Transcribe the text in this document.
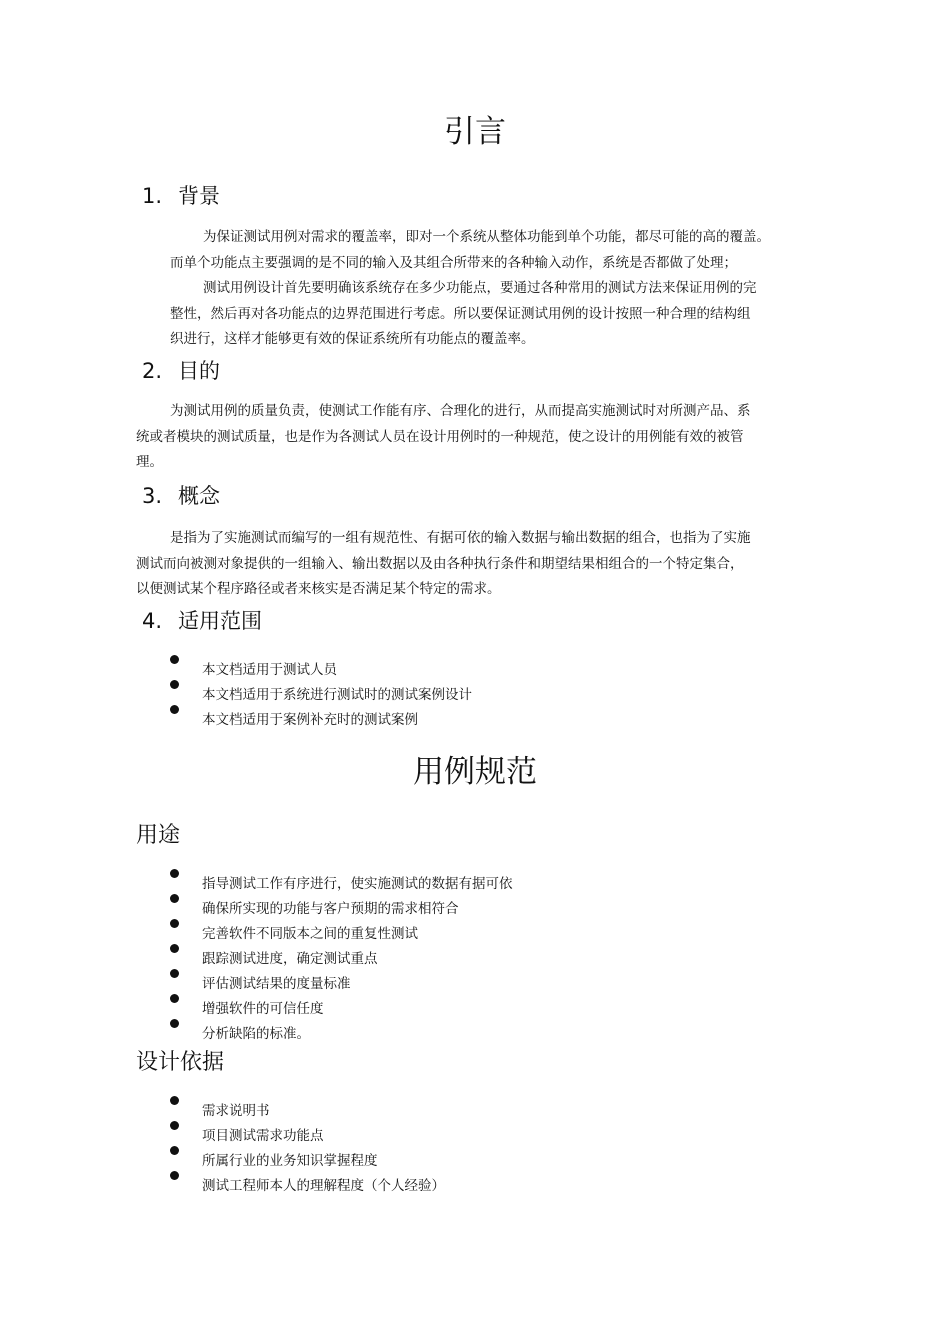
引言
1. 背景
为保证测试用例对需求的覆盖率，即对一个系统从整体功能到单个功能，都尽可能的高的覆盖。
而单个功能点主要强调的是不同的输入及其组合所带来的各种输入动作，系统是否都做了处理；
测试用例设计首先要明确该系统存在多少功能点，要通过各种常用的测试方法来保证用例的完
整性，然后再对各功能点的边界范围进行考虑。所以要保证测试用例的设计按照一种合理的结构组
织进行，这样才能够更有效的保证系统所有功能点的覆盖率。
2. 目的
为测试用例的质量负责，使测试工作能有序、合理化的进行，从而提高实施测试时对所测产品、系
统或者模块的测试质量，也是作为各测试人员在设计用例时的一种规范，使之设计的用例能有效的被管
理。
3. 概念
是指为了实施测试而编写的一组有规范性、有据可依的输入数据与输出数据的组合，也指为了实施
测试而向被测对象提供的一组输入、输出数据以及由各种执行条件和期望结果相组合的一个特定集合，
以便测试某个程序路径或者来核实是否满足某个特定的需求。
4. 适用范围
本文档适用于测试人员
本文档适用于系统进行测试时的测试案例设计
本文档适用于案例补充时的测试案例
用例规范
用途
指导测试工作有序进行，使实施测试的数据有据可依
确保所实现的功能与客户预期的需求相符合
完善软件不同版本之间的重复性测试
跟踪测试进度，确定测试重点
评估测试结果的度量标准
增强软件的可信任度
分析缺陷的标准。
设计依据
需求说明书
项目测试需求功能点
所属行业的业务知识掌握程度
测试工程师本人的理解程度（个人经验）
